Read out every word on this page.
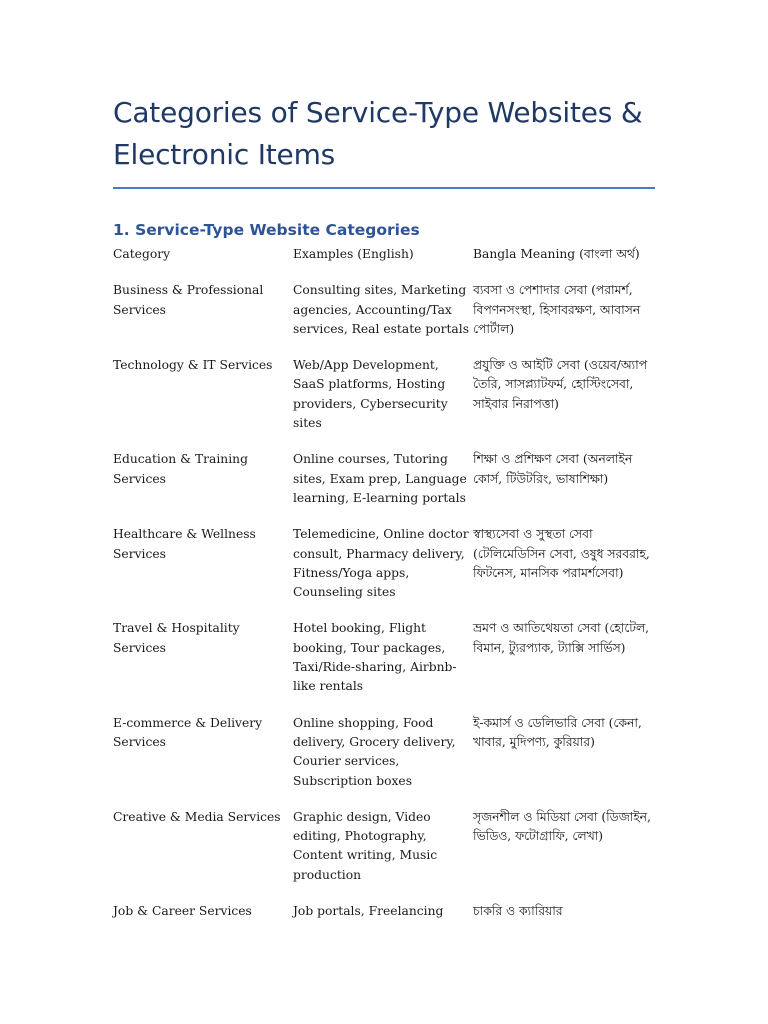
Categories of Service-Type Websites & Electronic Items
1. Service-Type Website Categories
Category	Examples (English)	Bangla Meaning (বাংলা অর্থ)
Business & Professional Services	Consulting sites, Marketing agencies, Accounting/Tax services, Real estate portals	ব্যবসা ও পেশাদার সেবা (পরামর্শ, বিপণনসংস্থা, হিসাবরক্ষণ, আবাসন পোর্টাল)
Technology & IT Services	Web/App Development, SaaS platforms, Hosting providers, Cybersecurity sites	প্রযুক্তি ও আইটি সেবা (ওয়েব/অ্যাপ তৈরি, সাসপ্ল্যাটফর্ম, হোস্টিংসেবা, সাইবার নিরাপত্তা)
Education & Training Services	Online courses, Tutoring sites, Exam prep, Language learning, E-learning portals	শিক্ষা ও প্রশিক্ষণ সেবা (অনলাইন কোর্স, টিউটরিং, ভাষাশিক্ষা)
Healthcare & Wellness Services	Telemedicine, Online doctor consult, Pharmacy delivery, Fitness/Yoga apps, Counseling sites	স্বাস্থ্যসেবা ও সুস্থতা সেবা (টেলিমেডিসিন সেবা, ওষুধ সরবরাহ, ফিটনেস, মানসিক পরামর্শসেবা)
Travel & Hospitality Services	Hotel booking, Flight booking, Tour packages, Taxi/Ride-sharing, Airbnb-like rentals	ভ্রমণ ও আতিথেয়তা সেবা (হোটেল, বিমান, ট্যুরপ্যাক, ট্যাক্সি সার্ভিস)
E-commerce & Delivery Services	Online shopping, Food delivery, Grocery delivery, Courier services, Subscription boxes	ই-কমার্স ও ডেলিভারি সেবা (কেনা, খাবার, মুদিপণ্য, কুরিয়ার)
Creative & Media Services	Graphic design, Video editing, Photography, Content writing, Music production	সৃজনশীল ও মিডিয়া সেবা (ডিজাইন, ভিডিও, ফটোগ্রাফি, লেখা)
Job & Career Services	Job portals, Freelancing	চাকরি ও ক্যারিয়ার
